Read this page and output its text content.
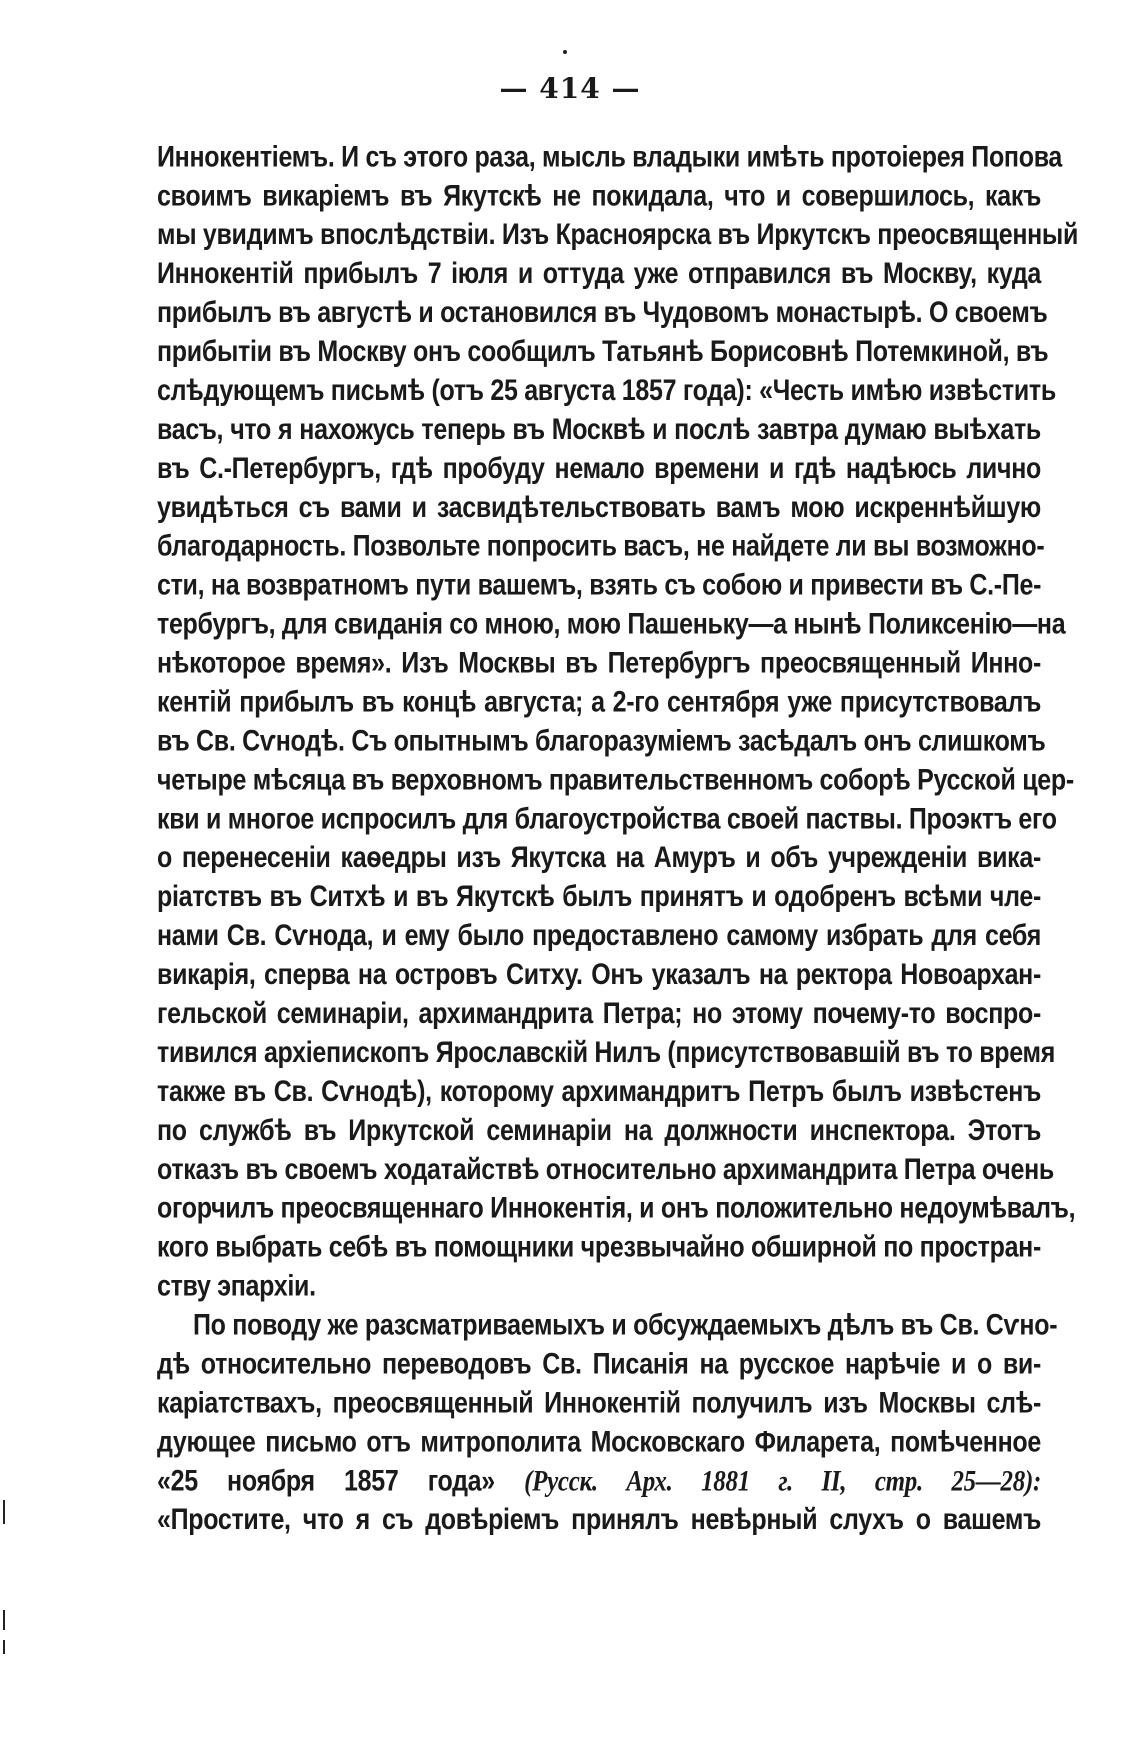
— 414 —
Иннокентіемъ. И съ этого раза, мысль владыки имѣть протоіерея Попова
своимъ викаріемъ въ Якутскѣ не покидала, что и совершилось, какъ
мы увидимъ впослѣдствіи. Изъ Красноярска въ Иркутскъ преосвященный
Иннокентій прибылъ 7 іюля и оттуда уже отправился въ Москву, куда
прибылъ въ августѣ и остановился въ Чудовомъ монастырѣ. О своемъ
прибытіи въ Москву онъ сообщилъ Татьянѣ Борисовнѣ Потемкиной, въ
слѣдующемъ письмѣ (отъ 25 августа 1857 года): «Честь имѣю извѣстить
васъ, что я нахожусь теперь въ Москвѣ и послѣ завтра думаю выѣхать
въ С.-Петербургъ, гдѣ пробуду немало времени и гдѣ надѣюсь лично
увидѣться съ вами и засвидѣтельствовать вамъ мою искреннѣйшую
благодарность. Позвольте попросить васъ, не найдете ли вы возможно-
сти, на возвратномъ пути вашемъ, взять съ собою и привести въ С.-Пе-
тербургъ, для свиданія со мною, мою Пашеньку—а нынѣ Поликсенію—на
нѣкоторое время». Изъ Москвы въ Петербургъ преосвященный Инно-
кентій прибылъ въ концѣ августа; а 2-го сентября уже присутствовалъ
въ Св. Сѵнодѣ. Съ опытнымъ благоразуміемъ засѣдалъ онъ слишкомъ
четыре мѣсяца въ верховномъ правительственномъ соборѣ Русской цер-
кви и многое испросилъ для благоустройства своей паствы. Проэктъ его
о перенесеніи каѳедры изъ Якутска на Амуръ и объ учрежденіи вика-
ріатствъ въ Ситхѣ и въ Якутскѣ былъ принятъ и одобренъ всѣми чле-
нами Св. Сѵнода, и ему было предоставлено самому избрать для себя
викарія, сперва на островъ Ситху. Онъ указалъ на ректора Новоархан-
гельской семинаріи, архимандрита Петра; но этому почему-то воспро-
тивился архіепископъ Ярославскій Нилъ (присутствовавшій въ то время
также въ Св. Сѵнодѣ), которому архимандритъ Петръ былъ извѣстенъ
по службѣ въ Иркутской семинаріи на должности инспектора. Этотъ
отказъ въ своемъ ходатайствѣ относительно архимандрита Петра очень
огорчилъ преосвященнаго Иннокентія, и онъ положительно недоумѣвалъ,
кого выбрать себѣ въ помощники чрезвычайно обширной по простран-
ству эпархіи.
По поводу же разсматриваемыхъ и обсуждаемыхъ дѣлъ въ Св. Сѵно-
дѣ относительно переводовъ Св. Писанія на русское нарѣчіе и о ви-
каріатствахъ, преосвященный Иннокентій получилъ изъ Москвы слѣ-
дующее письмо отъ митрополита Московскаго Филарета, помѣченное
«25 ноября 1857 года» (Русск. Арх. 1881 г. II, стр. 25—28):
«Простите, что я съ довѣріемъ принялъ невѣрный слухъ о вашемъ
